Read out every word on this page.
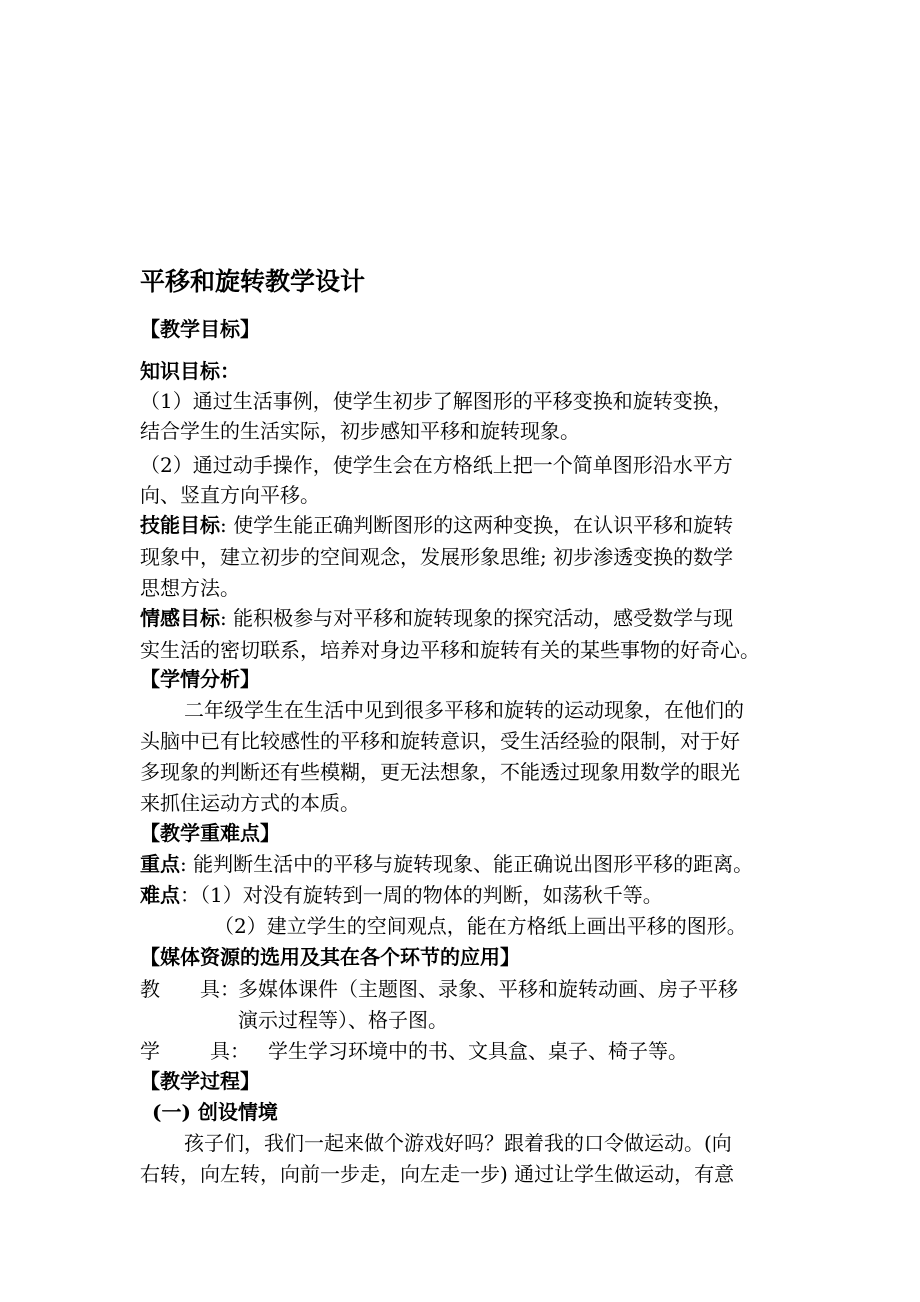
平移和旋转教学设计
【教学目标】
知识目标：
（1）通过生活事例，使学生初步了解图形的平移变换和旋转变换，
结合学生的生活实际，初步感知平移和旋转现象。
（2）通过动手操作，使学生会在方格纸上把一个简单图形沿水平方
向、竖直方向平移。
技能目标: 使学生能正确判断图形的这两种变换，在认识平移和旋转
现象中，建立初步的空间观念，发展形象思维; 初步渗透变换的数学
思想方法。
情感目标: 能积极参与对平移和旋转现象的探究活动，感受数学与现
实生活的密切联系，培养对身边平移和旋转有关的某些事物的好奇心。
【学情分析】
二年级学生在生活中见到很多平移和旋转的运动现象，在他们的
头脑中已有比较感性的平移和旋转意识，受生活经验的限制，对于好
多现象的判断还有些模糊，更无法想象，不能透过现象用数学的眼光
来抓住运动方式的本质。
【教学重难点】
重点: 能判断生活中的平移与旋转现象、能正确说出图形平移的距离。
难点：（1）对没有旋转到一周的物体的判断，如荡秋千等。
（2）建立学生的空间观点，能在方格纸上画出平移的图形。
【媒体资源的选用及其在各个环节的应用】
教　　具：多媒体课件（主题图、录象、平移和旋转动画、房子平移
演示过程等）、格子图。
学	具： 学生学习环境中的书、文具盒、桌子、椅子等。
【教学过程】
(一) 创设情境
孩子们，我们一起来做个游戏好吗？跟着我的口令做运动。(向
右转，向左转，向前一步走，向左走一步) 通过让学生做运动，有意
